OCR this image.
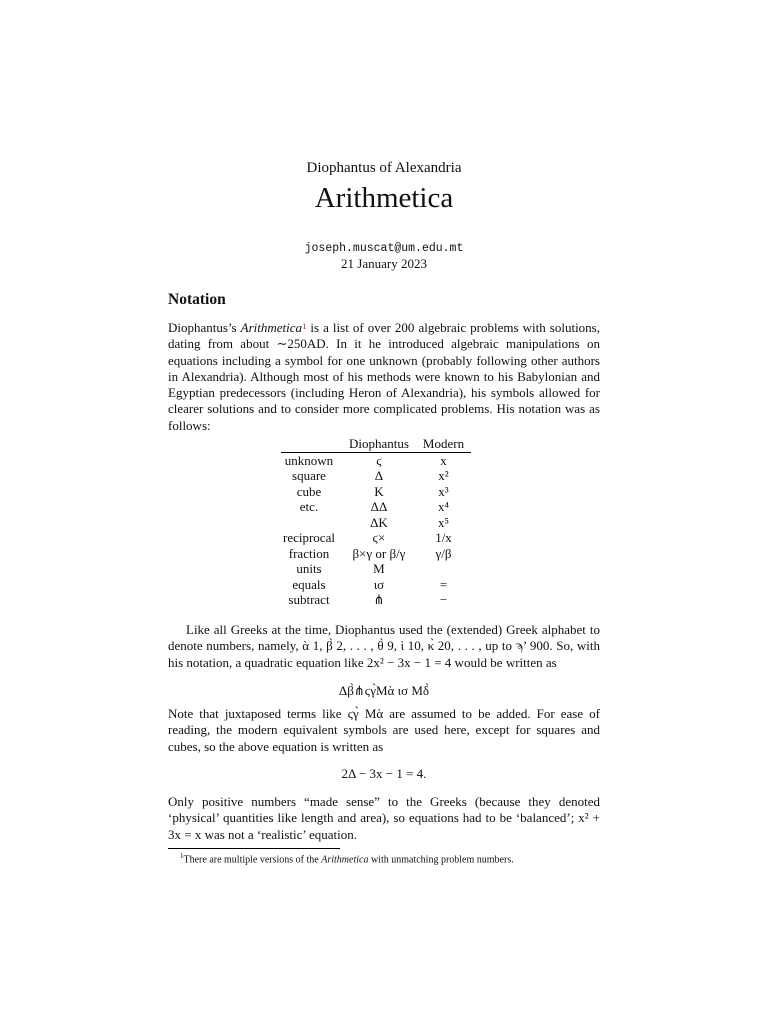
Diophantus of Alexandria
Arithmetica
joseph.muscat@um.edu.mt
21 January 2023
Notation

Diophantus’s Arithmetica$^1$ is a list of over 200 algebraic problems with solutions, dating from about ∼250AD. In it he introduced algebraic manipulations on equations including a symbol for one unknown (probably following other authors in Alexandria). Although most of his methods were known to his Babylonian and Egyptian predecessors (including Heron of Alexandria), his symbols allowed for clearer solutions and to consider more complicated problems. His notation was as follows:

	Diophantus	Modern
unknown	ϛ	x
square	Δ	x²
cube	K	x³
etc.	ΔΔ	x⁴
	ΔK	x⁵
reciprocal	ϛ×	1/x
fraction	β×γ or β/γ	γ/β
units	Μ	
equals	ισ	=
subtract	⋔	−

Like all Greeks at the time, Diophantus used the (extended) Greek alphabet to denote numbers, namely, ὰ 1, β̀ 2, . . . , θ̀ 9, ὶ 10, κ̀ 20, . . . , up to ϡ’ 900. So, with his notation, a quadratic equation like 2x² − 3x − 1 = 4 would be written as

Δβ̀⋔ϛγ̀Μὰ ισ Μδ̀

Note that juxtaposed terms like ϛγ̀ Μὰ are assumed to be added. For ease of reading, the modern equivalent symbols are used here, except for squares and cubes, so the above equation is written as

2Δ − 3x − 1 = 4.

Only positive numbers “made sense” to the Greeks (because they denoted ‘physical’ quantities like length and area), so equations had to be ‘balanced’; x² + 3x = x was not a ‘realistic’ equation.

$^1$There are multiple versions of the Arithmetica with unmatching problem numbers.
